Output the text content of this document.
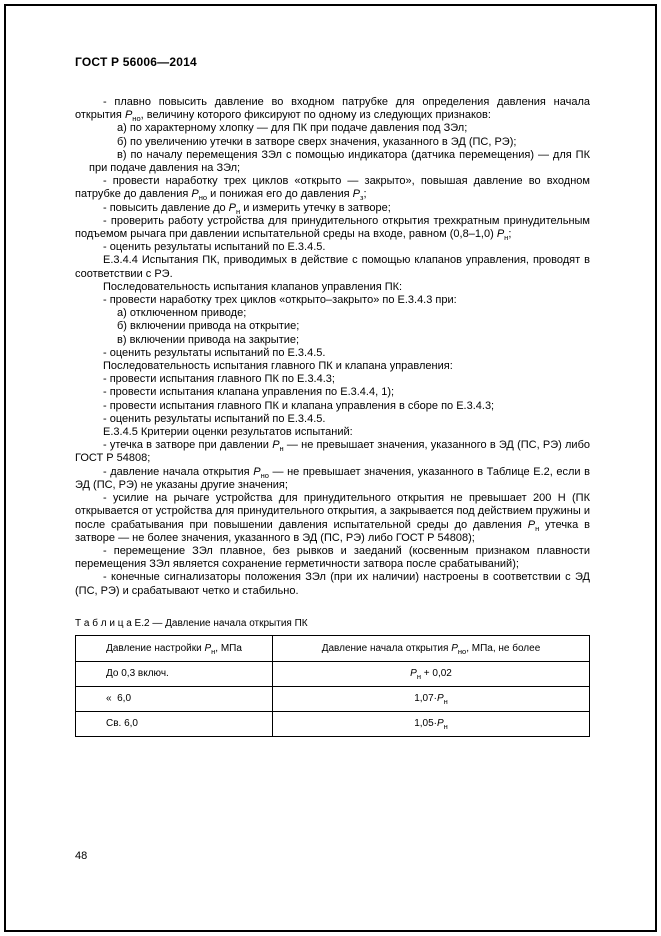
ГОСТ Р 56006—2014

- плавно повысить давление во входном патрубке для определения давления начала открытия $P_{но}$, величину которого фиксируют по одному из следующих признаков:

а) по характерному хлопку — для ПК при подаче давления под ЗЭл;

б) по увеличению утечки в затворе сверх значения, указанного в ЭД (ПС, РЭ);

в) по началу перемещения ЗЭл с помощью индикатора (датчика перемещения) — для ПК при подаче давления на ЗЭл;

- провести наработку трех циклов «открыто — закрыто», повышая давление во входном патрубке до давления $P_{но}$ и понижая его до давления $P_з$;

- повысить давление до $P_н$ и измерить утечку в затворе;

- проверить работу устройства для принудительного открытия трехкратным принудительным подъемом рычага при давлении испытательной среды на входе, равном (0,8–1,0) $P_н$;

- оценить результаты испытаний по Е.3.4.5.

Е.3.4.4 Испытания ПК, приводимых в действие с помощью клапанов управления, проводят в соответствии с РЭ.

Последовательность испытания клапанов управления ПК:

- провести наработку трех циклов «открыто–закрыто» по Е.3.4.3 при:

а) отключенном приводе;

б) включении привода на открытие;

в) включении привода на закрытие;

- оценить результаты испытаний по Е.3.4.5.

Последовательность испытания главного ПК и клапана управления:

- провести испытания главного ПК по Е.3.4.3;

- провести испытания клапана управления по Е.3.4.4, 1);

- провести испытания главного ПК и клапана управления в сборе по Е.3.4.3;

- оценить результаты испытаний по Е.3.4.5.

Е.3.4.5 Критерии оценки результатов испытаний:

- утечка в затворе при давлении $P_н$ — не превышает значения, указанного в ЭД (ПС, РЭ) либо ГОСТ Р 54808;

- давление начала открытия $P_{но}$ — не превышает значения, указанного в Таблице Е.2, если в ЭД (ПС, РЭ) не указаны другие значения;

- усилие на рычаге устройства для принудительного открытия не превышает 200 Н (ПК открывается от устройства для принудительного открытия, а закрывается под действием пружины и после срабатывания при повышении давления испытательной среды до давления $P_н$ утечка в затворе — не более значения, указанного в ЭД (ПС, РЭ) либо ГОСТ Р 54808);

- перемещение ЗЭл плавное, без рывков и заеданий (косвенным признаком плавности перемещения ЗЭл является сохранение герметичности затвора после срабатываний);

- конечные сигнализаторы положения ЗЭл (при их наличии) настроены в соответствии с ЭД (ПС, РЭ) и срабатывают четко и стабильно.

Т а б л и ц а Е.2 — Давление начала открытия ПК
Давление настройки $P_н$, МПа	Давление начала открытия $P_{но}$, МПа, не более
До 0,3 включ.	$P_н + 0,02$
«  6,0	$1,07\cdot P_н$
Св. 6,0	$1,05\cdot P_н$
48
